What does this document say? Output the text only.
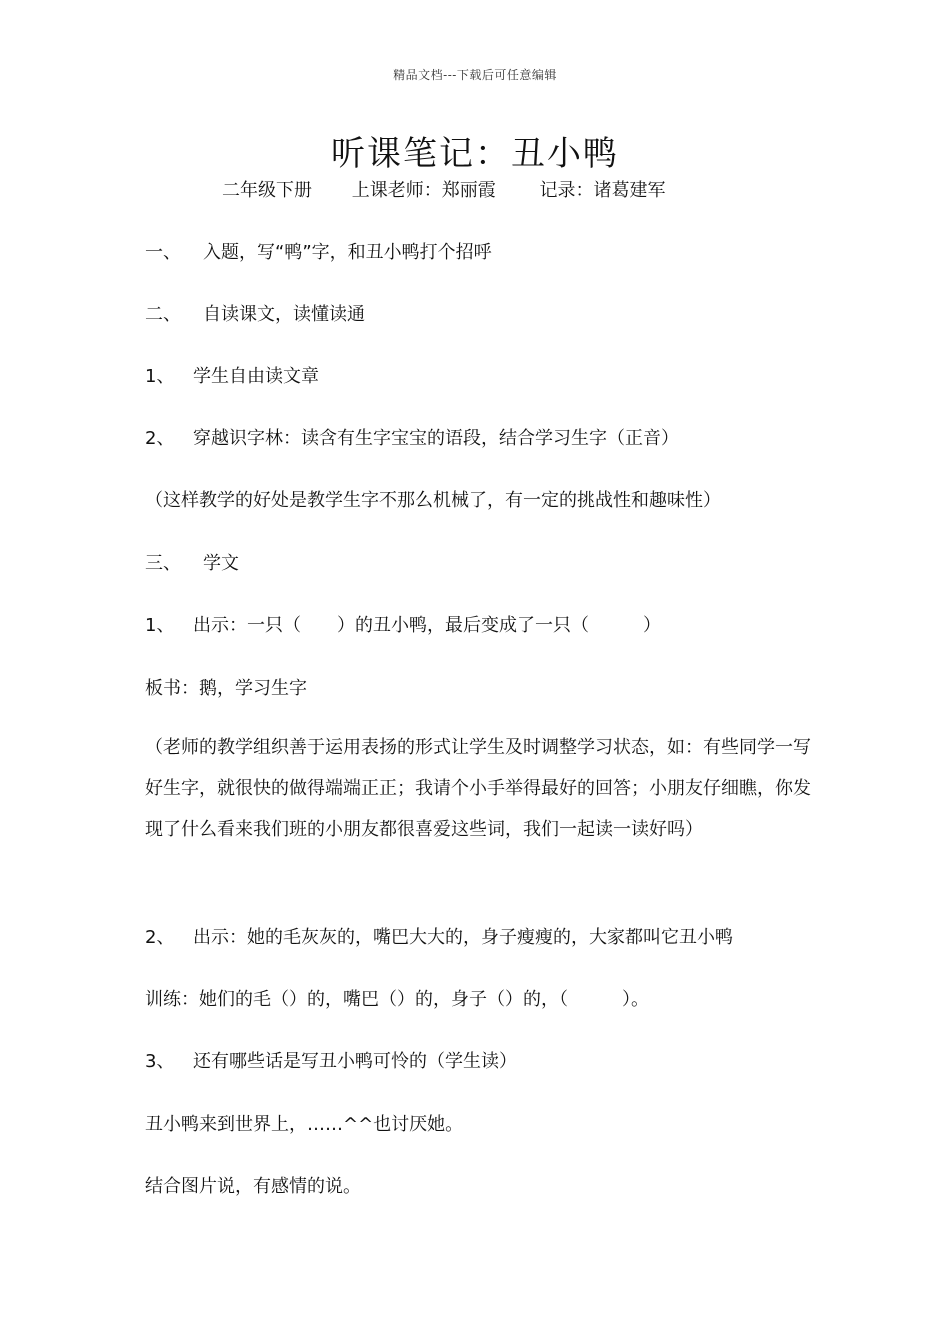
精品文档---下载后可任意编辑
听课笔记：丑小鸭
二年级下册 上课老师：郑丽霞 记录：诸葛建军
一、 入题，写“鸭”字，和丑小鸭打个招呼
二、 自读课文，读懂读通
1、 学生自由读文章
2、 穿越识字林：读含有生字宝宝的语段，结合学习生字（正音）
（这样教学的好处是教学生字不那么机械了，有一定的挑战性和趣味性）
三、 学文
1、 出示：一只（　　）的丑小鸭，最后变成了一只（　　　）
板书：鹅，学习生字
（老师的教学组织善于运用表扬的形式让学生及时调整学习状态，如：有些同学一写好生字，就很快的做得端端正正；我请个小手举得最好的回答；小朋友仔细瞧，你发现了什么看来我们班的小朋友都很喜爱这些词，我们一起读一读好吗）
2、 出示：她的毛灰灰的，嘴巴大大的，身子瘦瘦的，大家都叫它丑小鸭
训练：她们的毛（）的，嘴巴（）的，身子（）的，（　　　）。
3、 还有哪些话是写丑小鸭可怜的（学生读）
丑小鸭来到世界上，……^^也讨厌她。
结合图片说，有感情的说。
